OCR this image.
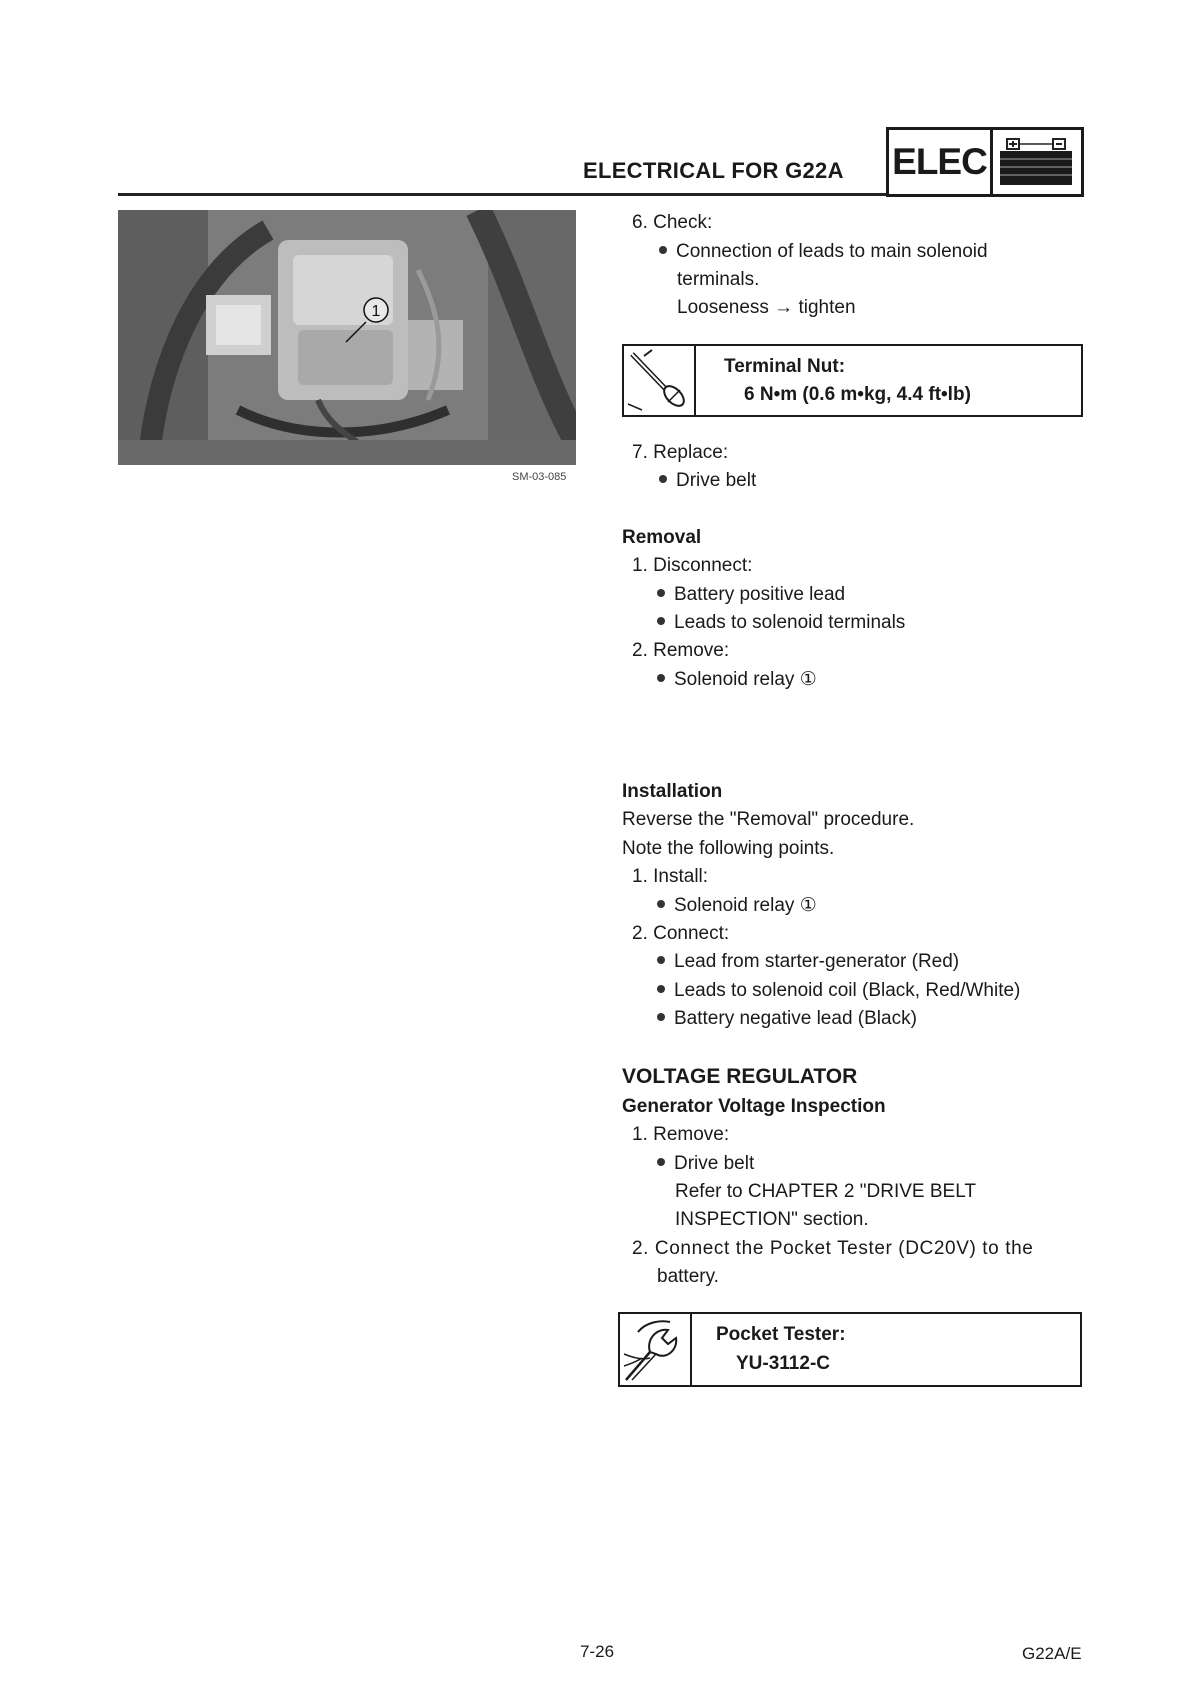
ELECTRICAL FOR G22A ELEC
1
SM-03-085
6. Check:
Connection of leads to main solenoid
terminals.
Looseness → tighten
Terminal Nut:
6 N•m (0.6 m•kg, 4.4 ft•lb)
7. Replace:
Drive belt
Removal
1. Disconnect:
Battery positive lead
Leads to solenoid terminals
2. Remove:
Solenoid relay ①
Installation
Reverse the "Removal" procedure.
Note the following points.
1. Install:
Solenoid relay ①
2. Connect:
Lead from starter-generator (Red)
Leads to solenoid coil (Black, Red/White)
Battery negative lead (Black)
VOLTAGE REGULATOR
Generator Voltage Inspection
1. Remove:
Drive belt
Refer to CHAPTER 2 "DRIVE BELT
INSPECTION" section.
2. Connect the Pocket Tester (DC20V) to the
battery.
Pocket Tester:
YU-3112-C
7-26	G22A/E
